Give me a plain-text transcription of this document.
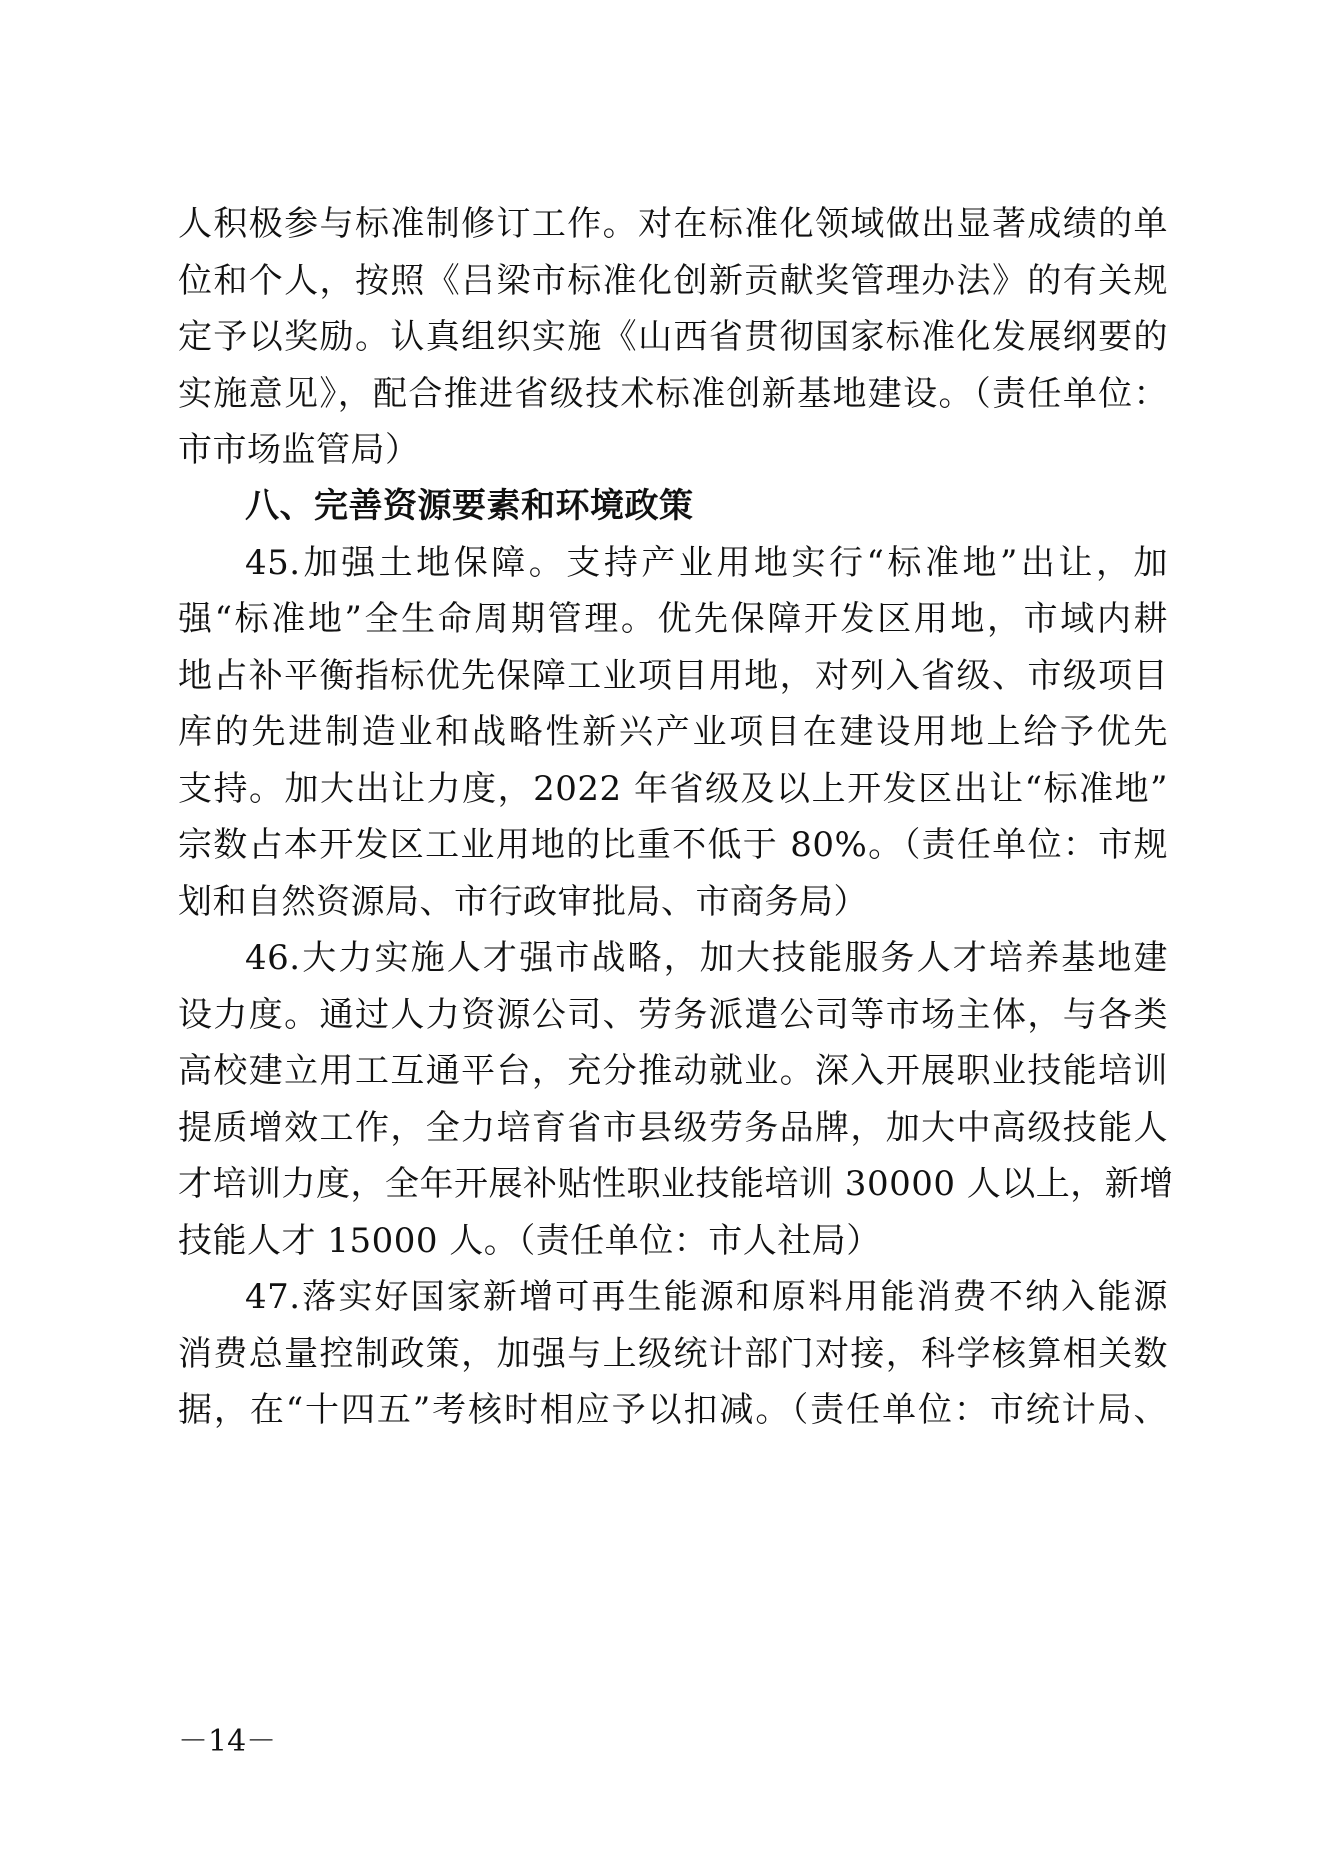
人积极参与标准制修订工作。对在标准化领域做出显著成绩的单
位和个人，按照《吕梁市标准化创新贡献奖管理办法》的有关规
定予以奖励。认真组织实施《山西省贯彻国家标准化发展纲要的
实施意见》，配合推进省级技术标准创新基地建设。（责任单位：
市市场监管局）
八、完善资源要素和环境政策
45.加强土地保障。支持产业用地实行“标准地”出让，加
强“标准地”全生命周期管理。优先保障开发区用地，市域内耕
地占补平衡指标优先保障工业项目用地，对列入省级、市级项目
库的先进制造业和战略性新兴产业项目在建设用地上给予优先
支持。加大出让力度，2022 年省级及以上开发区出让“标准地”
宗数占本开发区工业用地的比重不低于 80%。（责任单位：市规
划和自然资源局、市行政审批局、市商务局）
46.大力实施人才强市战略，加大技能服务人才培养基地建
设力度。通过人力资源公司、劳务派遣公司等市场主体，与各类
高校建立用工互通平台，充分推动就业。深入开展职业技能培训
提质增效工作，全力培育省市县级劳务品牌，加大中高级技能人
才培训力度，全年开展补贴性职业技能培训 30000 人以上，新增
技能人才 15000 人。（责任单位：市人社局）
47.落实好国家新增可再生能源和原料用能消费不纳入能源
消费总量控制政策，加强与上级统计部门对接，科学核算相关数
据，在“十四五”考核时相应予以扣减。（责任单位：市统计局、
－14－
